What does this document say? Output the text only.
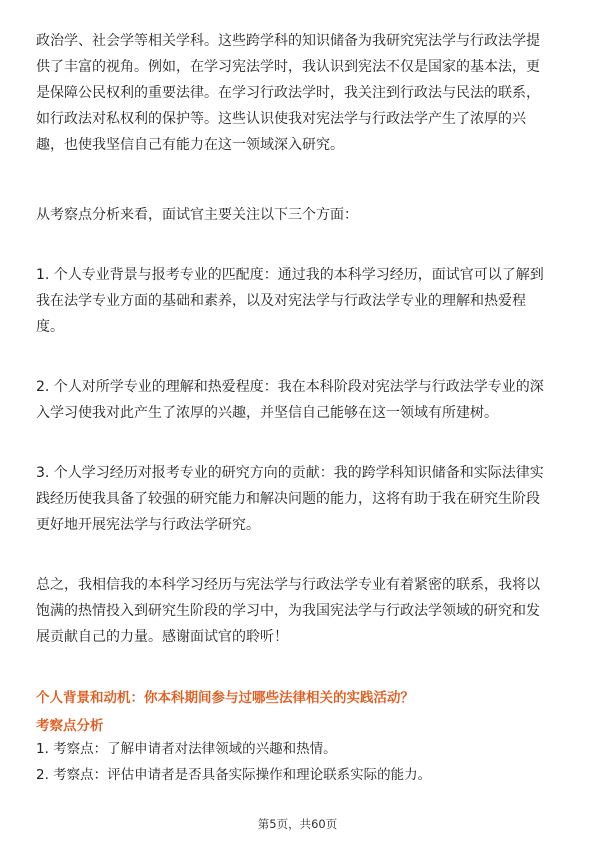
政治学、社会学等相关学科。这些跨学科的知识储备为我研究宪法学与行政法学提
供了丰富的视角。例如，在学习宪法学时，我认识到宪法不仅是国家的基本法，更
是保障公民权利的重要法律。在学习行政法学时，我关注到行政法与民法的联系，
如行政法对私权利的保护等。这些认识使我对宪法学与行政法学产生了浓厚的兴
趣，也使我坚信自己有能力在这一领域深入研究。
从考察点分析来看，面试官主要关注以下三个方面：
1. 个人专业背景与报考专业的匹配度：通过我的本科学习经历，面试官可以了解到
我在法学专业方面的基础和素养，以及对宪法学与行政法学专业的理解和热爱程
度。
2. 个人对所学专业的理解和热爱程度：我在本科阶段对宪法学与行政法学专业的深
入学习使我对此产生了浓厚的兴趣，并坚信自己能够在这一领域有所建树。
3. 个人学习经历对报考专业的研究方向的贡献：我的跨学科知识储备和实际法律实
践经历使我具备了较强的研究能力和解决问题的能力，这将有助于我在研究生阶段
更好地开展宪法学与行政法学研究。
总之，我相信我的本科学习经历与宪法学与行政法学专业有着紧密的联系，我将以
饱满的热情投入到研究生阶段的学习中，为我国宪法学与行政法学领域的研究和发
展贡献自己的力量。感谢面试官的聆听！
个人背景和动机：你本科期间参与过哪些法律相关的实践活动？
考察点分析
1. 考察点：了解申请者对法律领域的兴趣和热情。
2. 考察点：评估申请者是否具备实际操作和理论联系实际的能力。
第5页，共60页
